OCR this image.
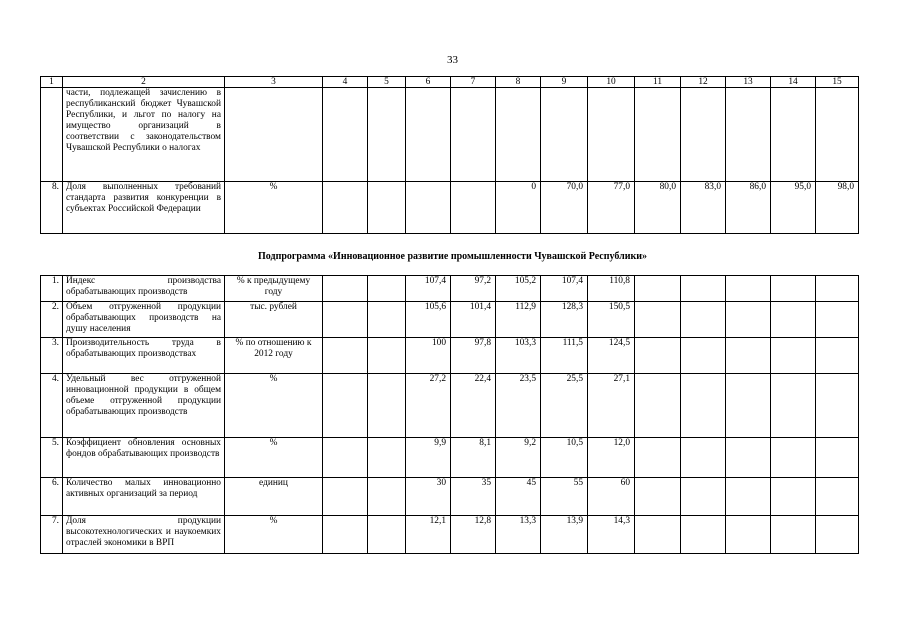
33
1	2	3	4	5	6	7	8	9	10	11	12	13	14	15
	части, подлежащей зачислению в республиканский бюджет Чувашской Республики, и льгот по налогу на имущество организаций в соответствии с законодательством Чувашской Республики о налогах													
8.	Доля выполненных требований стандарта развития конкуренции в субъектах Российской Федерации	%					0	70,0	77,0	80,0	83,0	86,0	95,0	98,0
Подпрограмма «Инновационное развитие промышленности Чувашской Республики»
1.	Индекс производства обрабатывающих производств	% к предыдущему году			107,4	97,2	105,2	107,4	110,8					
2.	Объем отгруженной продукции обрабатывающих производств на душу населения	тыс. рублей			105,6	101,4	112,9	128,3	150,5					
3.	Производительность труда в обрабатывающих производствах	% по отношению к 2012 году			100	97,8	103,3	111,5	124,5					
4.	Удельный вес отгруженной инновационной продукции в общем объеме отгруженной продукции обрабатывающих производств	%			27,2	22,4	23,5	25,5	27,1					
5.	Коэффициент обновления основных фондов обрабатывающих производств	%			9,9	8,1	9,2	10,5	12,0					
6.	Количество малых инновационно активных организаций за период	единиц			30	35	45	55	60					
7.	Доля продукции высокотехнологических и наукоемких отраслей экономики в ВРП	%			12,1	12,8	13,3	13,9	14,3					
